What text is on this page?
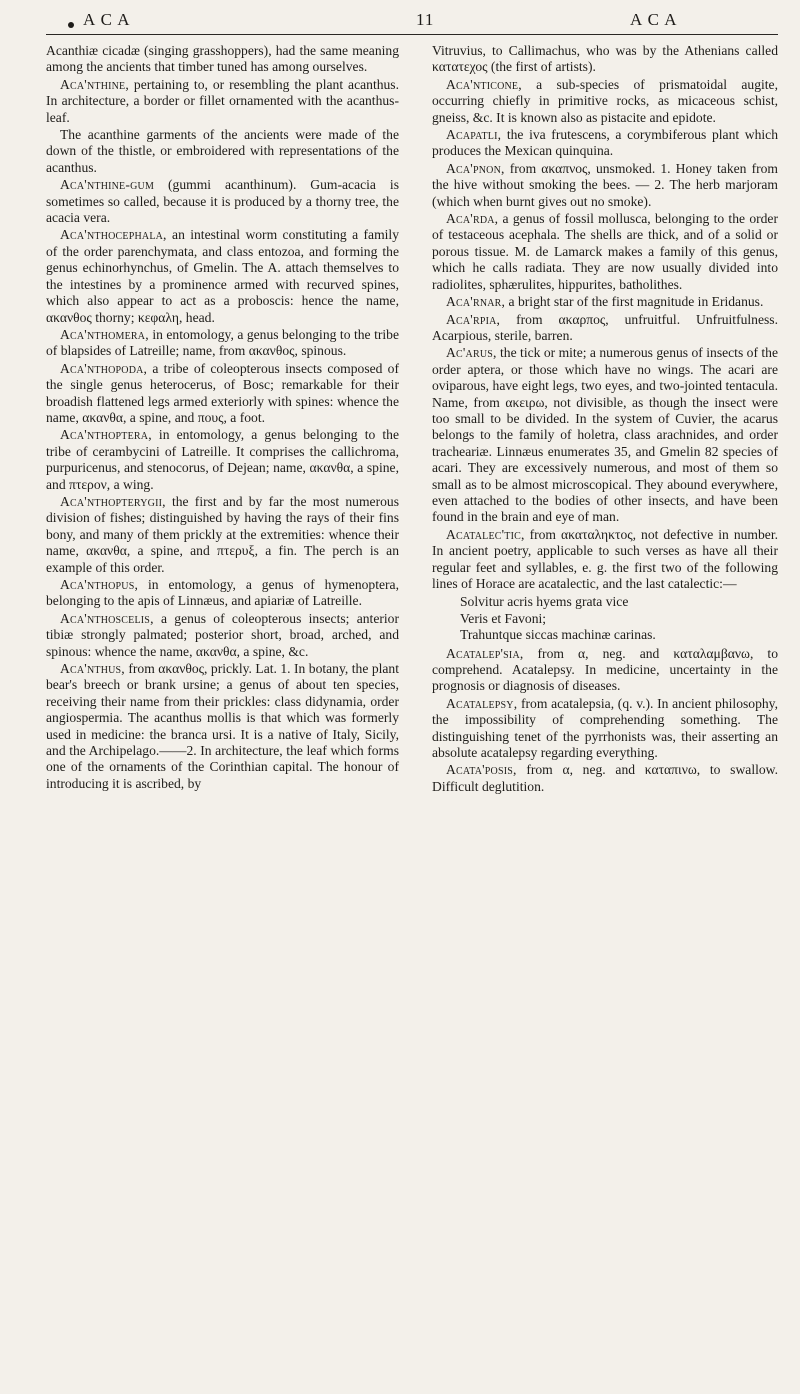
A C A	11	A C A

Acanthiæ cicadæ (singing grasshoppers), had the same meaning among the ancients that timber tuned has among ourselves.

Aca'nthine, pertaining to, or resembling the plant acanthus. In architecture, a border or fillet ornamented with the acanthus-leaf.

The acanthine garments of the ancients were made of the down of the thistle, or embroidered with representations of the acanthus.

Aca'nthine-gum (gummi acanthinum). Gum-acacia is sometimes so called, because it is produced by a thorny tree, the acacia vera.

Aca'nthocephala, an intestinal worm constituting a family of the order parenchymata, and class entozoa, and forming the genus echinorhynchus, of Gmelin. The A. attach themselves to the intestines by a prominence armed with recurved spines, which also appear to act as a proboscis: hence the name, ακανθος thorny; κεφαλη, head.

Aca'nthomera, in entomology, a genus belonging to the tribe of blapsides of Latreille; name, from ακανθος, spinous.

Aca'nthopoda, a tribe of coleopterous insects composed of the single genus heterocerus, of Bosc; remarkable for their broadish flattened legs armed exteriorly with spines: whence the name, ακανθα, a spine, and πους, a foot.

Aca'nthoptera, in entomology, a genus belonging to the tribe of cerambycini of Latreille. It comprises the callichroma, purpuricenus, and stenocorus, of Dejean; name, ακανθα, a spine, and πτερον, a wing.

Aca'nthopterygii, the first and by far the most numerous division of fishes; distinguished by having the rays of their fins bony, and many of them prickly at the extremities: whence their name, ακανθα, a spine, and πτερυξ, a fin. The perch is an example of this order.

Aca'nthopus, in entomology, a genus of hymenoptera, belonging to the apis of Linnæus, and apiariæ of Latreille.

Aca'nthoscelis, a genus of coleopterous insects; anterior tibiæ strongly palmated; posterior short, broad, arched, and spinous: whence the name, ακανθα, a spine, &c.

Aca'nthus, from ακανθος, prickly. Lat. 1. In botany, the plant bear's breech or brank ursine; a genus of about ten species, receiving their name from their prickles: class didynamia, order angiospermia. The acanthus mollis is that which was formerly used in medicine: the branca ursi. It is a native of Italy, Sicily, and the Archipelago.——2. In architecture, the leaf which forms one of the ornaments of the Corinthian capital. The honour of introducing it is ascribed, by

Vitruvius, to Callimachus, who was by the Athenians called κατατεχος (the first of artists).

Aca'nticone, a sub-species of prismatoidal augite, occurring chiefly in primitive rocks, as micaceous schist, gneiss, &c. It is known also as pistacite and epidote.

Acapatli, the iva frutescens, a corymbiferous plant which produces the Mexican quinquina.

Aca'pnon, from ακαπνος, unsmoked. 1. Honey taken from the hive without smoking the bees. — 2. The herb marjoram (which when burnt gives out no smoke).

Aca'rda, a genus of fossil mollusca, belonging to the order of testaceous acephala. The shells are thick, and of a solid or porous tissue. M. de Lamarck makes a family of this genus, which he calls radiata. They are now usually divided into radiolites, sphærulites, hippurites, batholithes.

Aca'rnar, a bright star of the first magnitude in Eridanus.

Aca'rpia, from ακαρπος, unfruitful. Unfruitfulness. Acarpious, sterile, barren.

Ac'arus, the tick or mite; a numerous genus of insects of the order aptera, or those which have no wings. The acari are oviparous, have eight legs, two eyes, and two-jointed tentacula. Name, from ακειρω, not divisible, as though the insect were too small to be divided. In the system of Cuvier, the acarus belongs to the family of holetra, class arachnides, and order tracheariæ. Linnæus enumerates 35, and Gmelin 82 species of acari. They are excessively numerous, and most of them so small as to be almost microscopical. They abound everywhere, even attached to the bodies of other insects, and have been found in the brain and eye of man.

Acatalec'tic, from ακαταληκτος, not defective in number. In ancient poetry, applicable to such verses as have all their regular feet and syllables, e. g. the first two of the following lines of Horace are acatalectic, and the last catalectic:—

Solvitur acris hyems grata vice
Veris et Favoni;
Trahuntque siccas machinæ carinas.

Acatalep'sia, from α, neg. and καταλαμβανω, to comprehend. Acatalepsy. In medicine, uncertainty in the prognosis or diagnosis of diseases.

Acatalepsy, from acatalepsia, (q. v.). In ancient philosophy, the impossibility of comprehending something. The distinguishing tenet of the pyrrhonists was, their asserting an absolute acatalepsy regarding everything.

Acata'posis, from α, neg. and καταπινω, to swallow. Difficult deglutition.
